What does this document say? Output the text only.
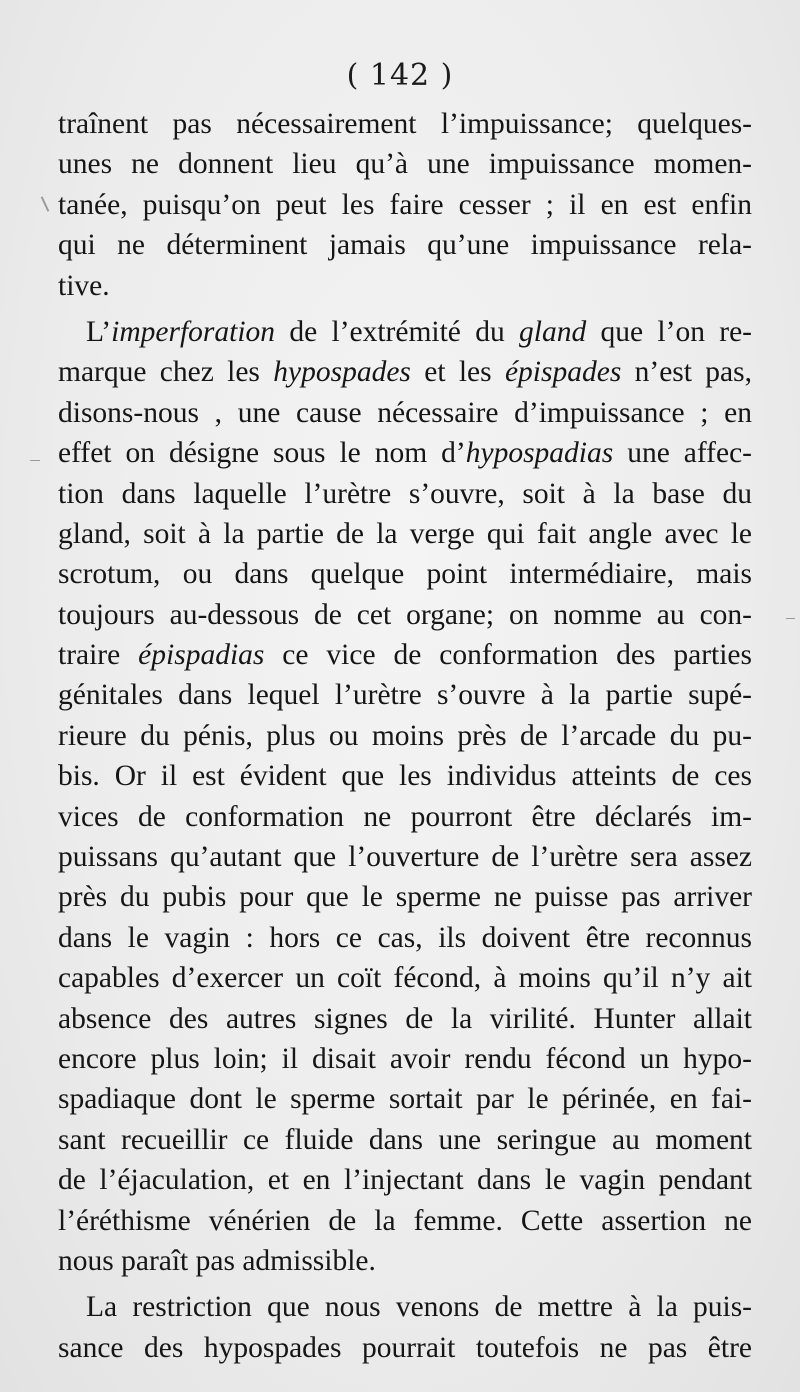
( 142 )
traînent pas nécessairement l’impuissance; quelques-
unes ne donnent lieu qu’à une impuissance momen-
tanée, puisqu’on peut les faire cesser ; il en est enfin
qui ne déterminent jamais qu’une impuissance rela-
tive.
L’imperforation de l’extrémité du gland que l’on re-
marque chez les hypospades et les épispades n’est pas,
disons-nous , une cause nécessaire d’impuissance ; en
effet on désigne sous le nom d’hypospadias une affec-
tion dans laquelle l’urètre s’ouvre, soit à la base du
gland, soit à la partie de la verge qui fait angle avec le
scrotum, ou dans quelque point intermédiaire, mais
toujours au-dessous de cet organe; on nomme au con-
traire épispadias ce vice de conformation des parties
génitales dans lequel l’urètre s’ouvre à la partie supé-
rieure du pénis, plus ou moins près de l’arcade du pu-
bis. Or il est évident que les individus atteints de ces
vices de conformation ne pourront être déclarés im-
puissans qu’autant que l’ouverture de l’urètre sera assez
près du pubis pour que le sperme ne puisse pas arriver
dans le vagin : hors ce cas, ils doivent être reconnus
capables d’exercer un coït fécond, à moins qu’il n’y ait
absence des autres signes de la virilité. Hunter allait
encore plus loin; il disait avoir rendu fécond un hypo-
spadiaque dont le sperme sortait par le périnée, en fai-
sant recueillir ce fluide dans une seringue au moment
de l’éjaculation, et en l’injectant dans le vagin pendant
l’éréthisme vénérien de la femme. Cette assertion ne
nous paraît pas admissible.
La restriction que nous venons de mettre à la puis-
sance des hypospades pourrait toutefois ne pas être
